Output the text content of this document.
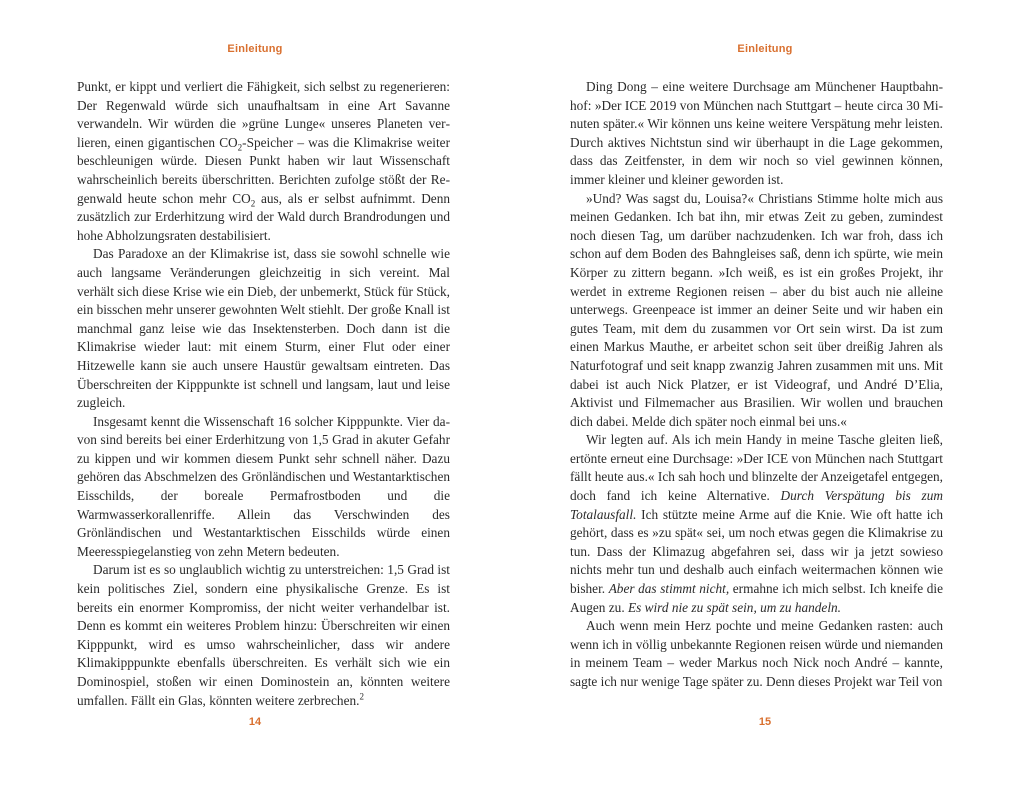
Einleitung

Punkt, er kippt und verliert die Fähigkeit, sich selbst zu regenerieren: Der Regenwald würde sich unaufhaltsam in eine Art Savanne verwandeln. Wir würden die »grüne Lunge« unseres Planeten verlieren, einen gigantischen $CO_2$-Speicher – was die Klimakrise weiter beschleunigen würde. Diesen Punkt haben wir laut Wissenschaft wahrscheinlich bereits überschritten. Berichten zufolge stößt der Regenwald heute schon mehr $CO_2$ aus, als er selbst aufnimmt. Denn zusätzlich zur Erderhitzung wird der Wald durch Brandrodungen und hohe Abholzungsraten destabilisiert.

Das Paradoxe an der Klimakrise ist, dass sie sowohl schnelle wie auch langsame Veränderungen gleichzeitig in sich vereint. Mal verhält sich diese Krise wie ein Dieb, der unbemerkt, Stück für Stück, ein bisschen mehr unserer gewohnten Welt stiehlt. Der große Knall ist manchmal ganz leise wie das Insektensterben. Doch dann ist die Klimakrise wieder laut: mit einem Sturm, einer Flut oder einer Hitzewelle kann sie auch unsere Haustür gewaltsam eintreten. Das Überschreiten der Kipppunkte ist schnell und langsam, laut und leise zugleich.

Insgesamt kennt die Wissenschaft 16 solcher Kipppunkte. Vier davon sind bereits bei einer Erderhitzung von 1,5 Grad in akuter Gefahr zu kippen und wir kommen diesem Punkt sehr schnell näher. Dazu gehören das Abschmelzen des Grönländischen und Westantarktischen Eisschilds, der boreale Permafrostboden und die Warmwasserkorallenriffe. Allein das Verschwinden des Grönländischen und Westantarktischen Eisschilds würde einen Meeresspiegelanstieg von zehn Metern bedeuten.

Darum ist es so unglaublich wichtig zu unterstreichen: 1,5 Grad ist kein politisches Ziel, sondern eine physikalische Grenze. Es ist bereits ein enormer Kompromiss, der nicht weiter verhandelbar ist. Denn es kommt ein weiteres Problem hinzu: Überschreiten wir einen Kipppunkt, wird es umso wahrscheinlicher, dass wir andere Klimakipppunkte ebenfalls überschreiten. Es verhält sich wie ein Dominospiel, stoßen wir einen Dominostein an, könnten weitere umfallen. Fällt ein Glas, könnten weitere zerbrechen.$^2$

14
Einleitung

Ding Dong – eine weitere Durchsage am Münchener Hauptbahnhof: »Der ICE 2019 von München nach Stuttgart – heute circa 30 Minuten später.« Wir können uns keine weitere Verspätung mehr leisten. Durch aktives Nichtstun sind wir überhaupt in die Lage gekommen, dass das Zeitfenster, in dem wir noch so viel gewinnen können, immer kleiner und kleiner geworden ist.

»Und? Was sagst du, Louisa?« Christians Stimme holte mich aus meinen Gedanken. Ich bat ihn, mir etwas Zeit zu geben, zumindest noch diesen Tag, um darüber nachzudenken. Ich war froh, dass ich schon auf dem Boden des Bahngleises saß, denn ich spürte, wie mein Körper zu zittern begann. »Ich weiß, es ist ein großes Projekt, ihr werdet in extreme Regionen reisen – aber du bist auch nie alleine unterwegs. Greenpeace ist immer an deiner Seite und wir haben ein gutes Team, mit dem du zusammen vor Ort sein wirst. Da ist zum einen Markus Mauthe, er arbeitet schon seit über dreißig Jahren als Naturfotograf und seit knapp zwanzig Jahren zusammen mit uns. Mit dabei ist auch Nick Platzer, er ist Videograf, und André D’Elia, Aktivist und Filmemacher aus Brasilien. Wir wollen und brauchen dich dabei. Melde dich später noch einmal bei uns.«

Wir legten auf. Als ich mein Handy in meine Tasche gleiten ließ, ertönte erneut eine Durchsage: »Der ICE von München nach Stuttgart fällt heute aus.« Ich sah hoch und blinzelte der Anzeigetafel entgegen, doch fand ich keine Alternative. Durch Verspätung bis zum Totalausfall. Ich stützte meine Arme auf die Knie. Wie oft hatte ich gehört, dass es »zu spät« sei, um noch etwas gegen die Klimakrise zu tun. Dass der Klimazug abgefahren sei, dass wir ja jetzt sowieso nichts mehr tun und deshalb auch einfach weitermachen können wie bisher. Aber das stimmt nicht, ermahne ich mich selbst. Ich kneife die Augen zu. Es wird nie zu spät sein, um zu handeln.

Auch wenn mein Herz pochte und meine Gedanken rasten: auch wenn ich in völlig unbekannte Regionen reisen würde und niemanden in meinem Team – weder Markus noch Nick noch André – kannte, sagte ich nur wenige Tage später zu. Denn dieses Projekt war Teil von

15
